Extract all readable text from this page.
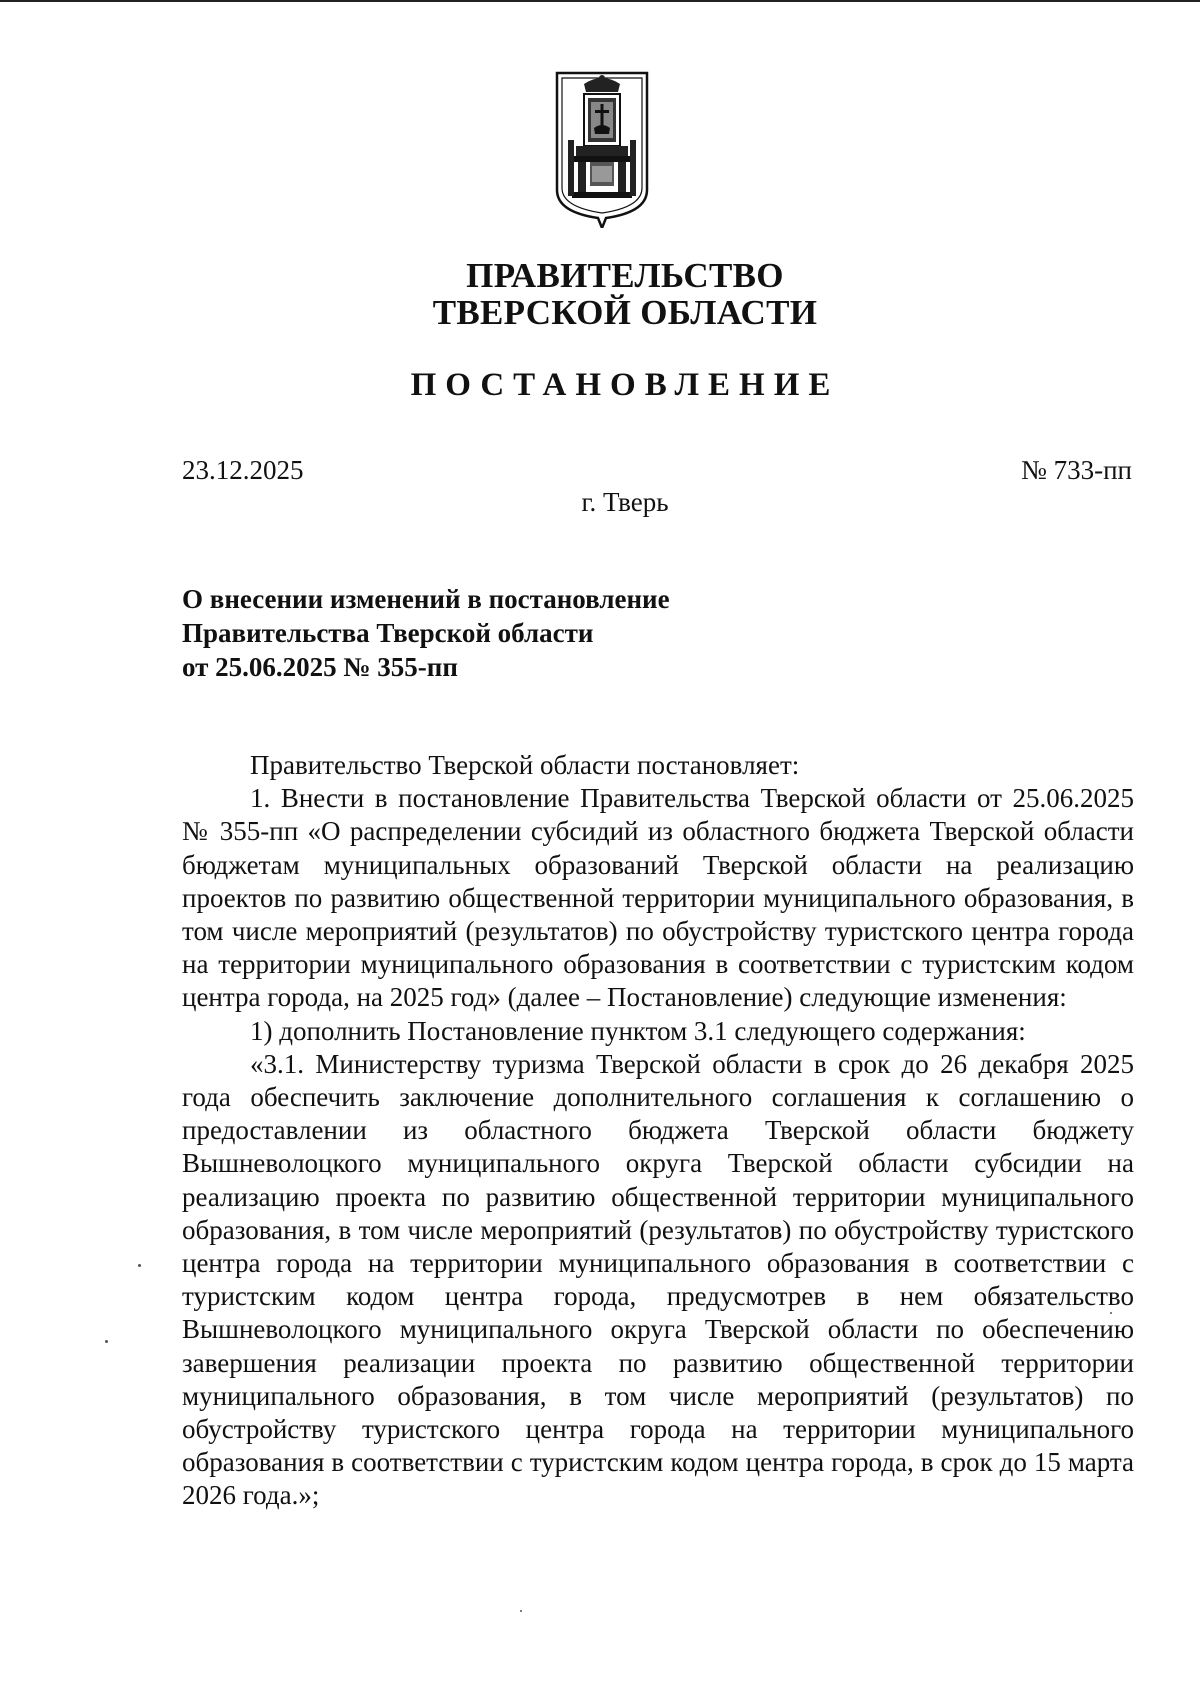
ПРАВИТЕЛЬСТВО
ТВЕРСКОЙ ОБЛАСТИ
ПОСТАНОВЛЕНИЕ
23.12.2025	№ 733-пп
г. Тверь
О внесении изменений в постановление
Правительства Тверской области
от 25.06.2025 № 355-пп

Правительство Тверской области постановляет:

1. Внести в постановление Правительства Тверской области от 25.06.2025 № 355-пп «О распределении субсидий из областного бюджета Тверской области бюджетам муниципальных образований Тверской области на реализацию проектов по развитию общественной территории муниципального образования, в том числе мероприятий (результатов) по обустройству туристского центра города на территории муниципального образования в соответствии с туристским кодом центра города, на 2025 год» (далее – Постановление) следующие изменения:

1) дополнить Постановление пунктом 3.1 следующего содержания:

«3.1. Министерству туризма Тверской области в срок до 26 декабря 2025 года обеспечить заключение дополнительного соглашения к соглашению о предоставлении из областного бюджета Тверской области бюджету Вышневолоцкого муниципального округа Тверской области субсидии на реализацию проекта по развитию общественной территории муниципального образования, в том числе мероприятий (результатов) по обустройству туристского центра города на территории муниципального образования в соответствии с туристским кодом центра города, предусмотрев в нем обязательство Вышневолоцкого муниципального округа Тверской области по обеспечению завершения реализации проекта по развитию общественной территории муниципального образования, в том числе мероприятий (результатов) по обустройству туристского центра города на территории муниципального образования в соответствии с туристским кодом центра города, в срок до 15 марта 2026 года.»;
